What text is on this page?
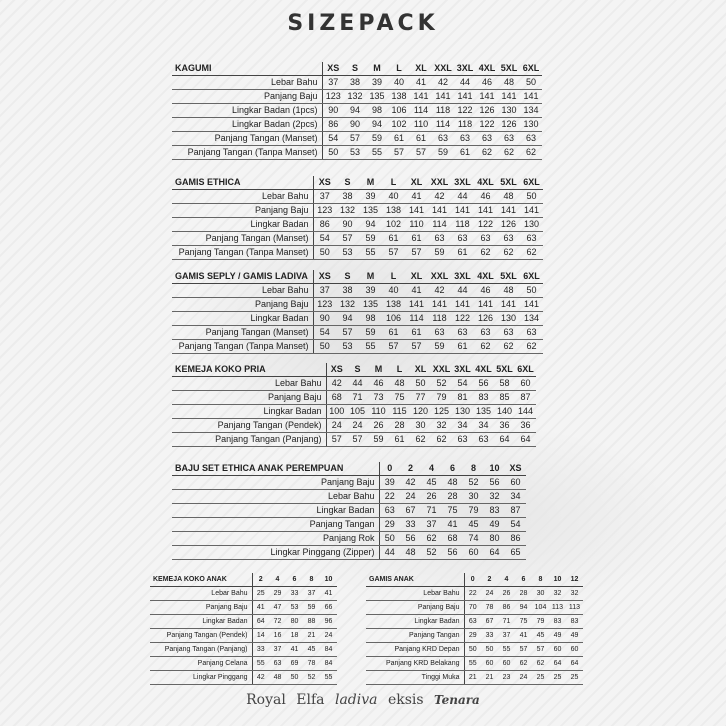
SIZEPACK
KAGUMI	XS	S	M	L	XL	XXL	3XL	4XL	5XL	6XL
Lebar Bahu	37	38	39	40	41	42	44	46	48	50
Panjang Baju	123	132	135	138	141	141	141	141	141	141
Lingkar Badan (1pcs)	90	94	98	106	114	118	122	126	130	134
Lingkar Badan (2pcs)	86	90	94	102	110	114	118	122	126	130
Panjang Tangan (Manset)	54	57	59	61	61	63	63	63	63	63
Panjang Tangan (Tanpa Manset)	50	53	55	57	57	59	61	62	62	62
GAMIS ETHICA	XS	S	M	L	XL	XXL	3XL	4XL	5XL	6XL
Lebar Bahu	37	38	39	40	41	42	44	46	48	50
Panjang Baju	123	132	135	138	141	141	141	141	141	141
Lingkar Badan	86	90	94	102	110	114	118	122	126	130
Panjang Tangan (Manset)	54	57	59	61	61	63	63	63	63	63
Panjang Tangan (Tanpa Manset)	50	53	55	57	57	59	61	62	62	62
GAMIS SEPLY / GAMIS LADIVA	XS	S	M	L	XL	XXL	3XL	4XL	5XL	6XL
Lebar Bahu	37	38	39	40	41	42	44	46	48	50
Panjang Baju	123	132	135	138	141	141	141	141	141	141
Lingkar Badan	90	94	98	106	114	118	122	126	130	134
Panjang Tangan (Manset)	54	57	59	61	61	63	63	63	63	63
Panjang Tangan (Tanpa Manset)	50	53	55	57	57	59	61	62	62	62
KEMEJA KOKO PRIA	XS	S	M	L	XL	XXL	3XL	4XL	5XL	6XL
Lebar Bahu	42	44	46	48	50	52	54	56	58	60
Panjang Baju	68	71	73	75	77	79	81	83	85	87
Lingkar Badan	100	105	110	115	120	125	130	135	140	144
Panjang Tangan (Pendek)	24	24	26	28	30	32	34	34	36	36
Panjang Tangan (Panjang)	57	57	59	61	62	62	63	63	64	64
BAJU SET ETHICA ANAK PEREMPUAN	0	2	4	6	8	10	XS
Panjang Baju	39	42	45	48	52	56	60
Lebar Bahu	22	24	26	28	30	32	34
Lingkar Badan	63	67	71	75	79	83	87
Panjang Tangan	29	33	37	41	45	49	54
Panjang Rok	50	56	62	68	74	80	86
Lingkar Pinggang (Zipper)	44	48	52	56	60	64	65
KEMEJA KOKO ANAK	2	4	6	8	10
Lebar Bahu	25	29	33	37	41
Panjang Baju	41	47	53	59	66
Lingkar Badan	64	72	80	88	96
Panjang Tangan (Pendek)	14	16	18	21	24
Panjang Tangan (Panjang)	33	37	41	45	84
Panjang Celana	55	63	69	78	84
Lingkar Pinggang	42	48	50	52	55
GAMIS ANAK	0	2	4	6	8	10	12
Lebar Bahu	22	24	26	28	30	32	32
Panjang Baju	70	78	86	94	104	113	113
Lingkar Badan	63	67	71	75	79	83	83
Panjang Tangan	29	33	37	41	45	49	49
Panjang KRD Depan	50	50	55	57	57	60	60
Panjang KRD Belakang	55	60	60	62	62	64	64
Tinggi Muka	21	21	23	24	25	25	25
Royal Elfa ladiva eksis Tenara
